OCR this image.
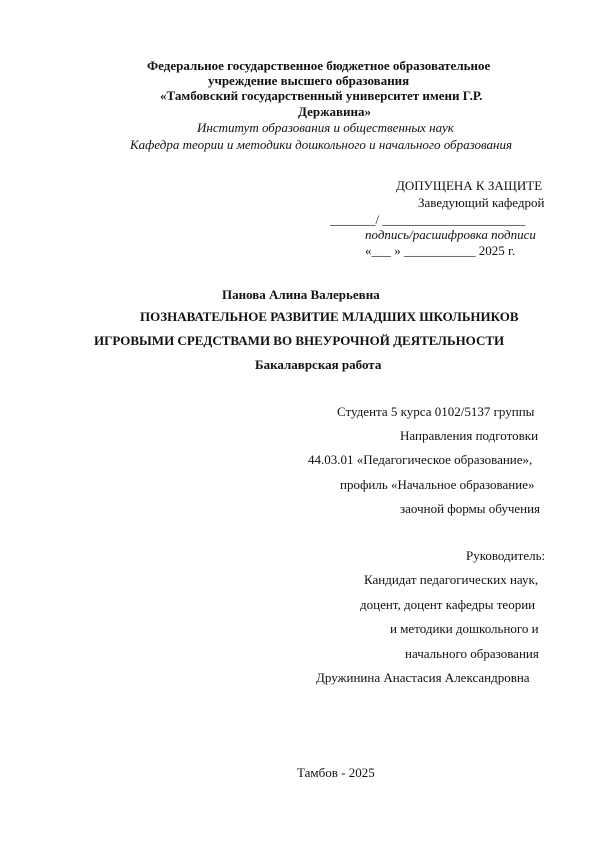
Федеральное государственное бюджетное образовательное
учреждение высшего образования
«Тамбовский государственный университет имени Г.Р.
Державина»
Институт образования и общественных наук
Кафедра теории и методики дошкольного и начального образования
ДОПУЩЕНА К ЗАЩИТЕ
Заведующий кафедрой
_______/ ______________________
подпись/расшифровка подписи
«___ » ___________ 2025 г.
Панова Алина Валерьевна
ПОЗНАВАТЕЛЬНОЕ РАЗВИТИЕ МЛАДШИХ ШКОЛЬНИКОВ
ИГРОВЫМИ СРЕДСТВАМИ ВО ВНЕУРОЧНОЙ ДЕЯТЕЛЬНОСТИ
Бакалаврская работа
Студента 5 курса 0102/5137 группы
Направления подготовки
44.03.01 «Педагогическое образование»,
профиль «Начальное образование»
заочной формы обучения
Руководитель:
Кандидат педагогических наук,
доцент, доцент кафедры теории
и методики дошкольного и
начального образования
Дружинина Анастасия Александровна
Тамбов - 2025
